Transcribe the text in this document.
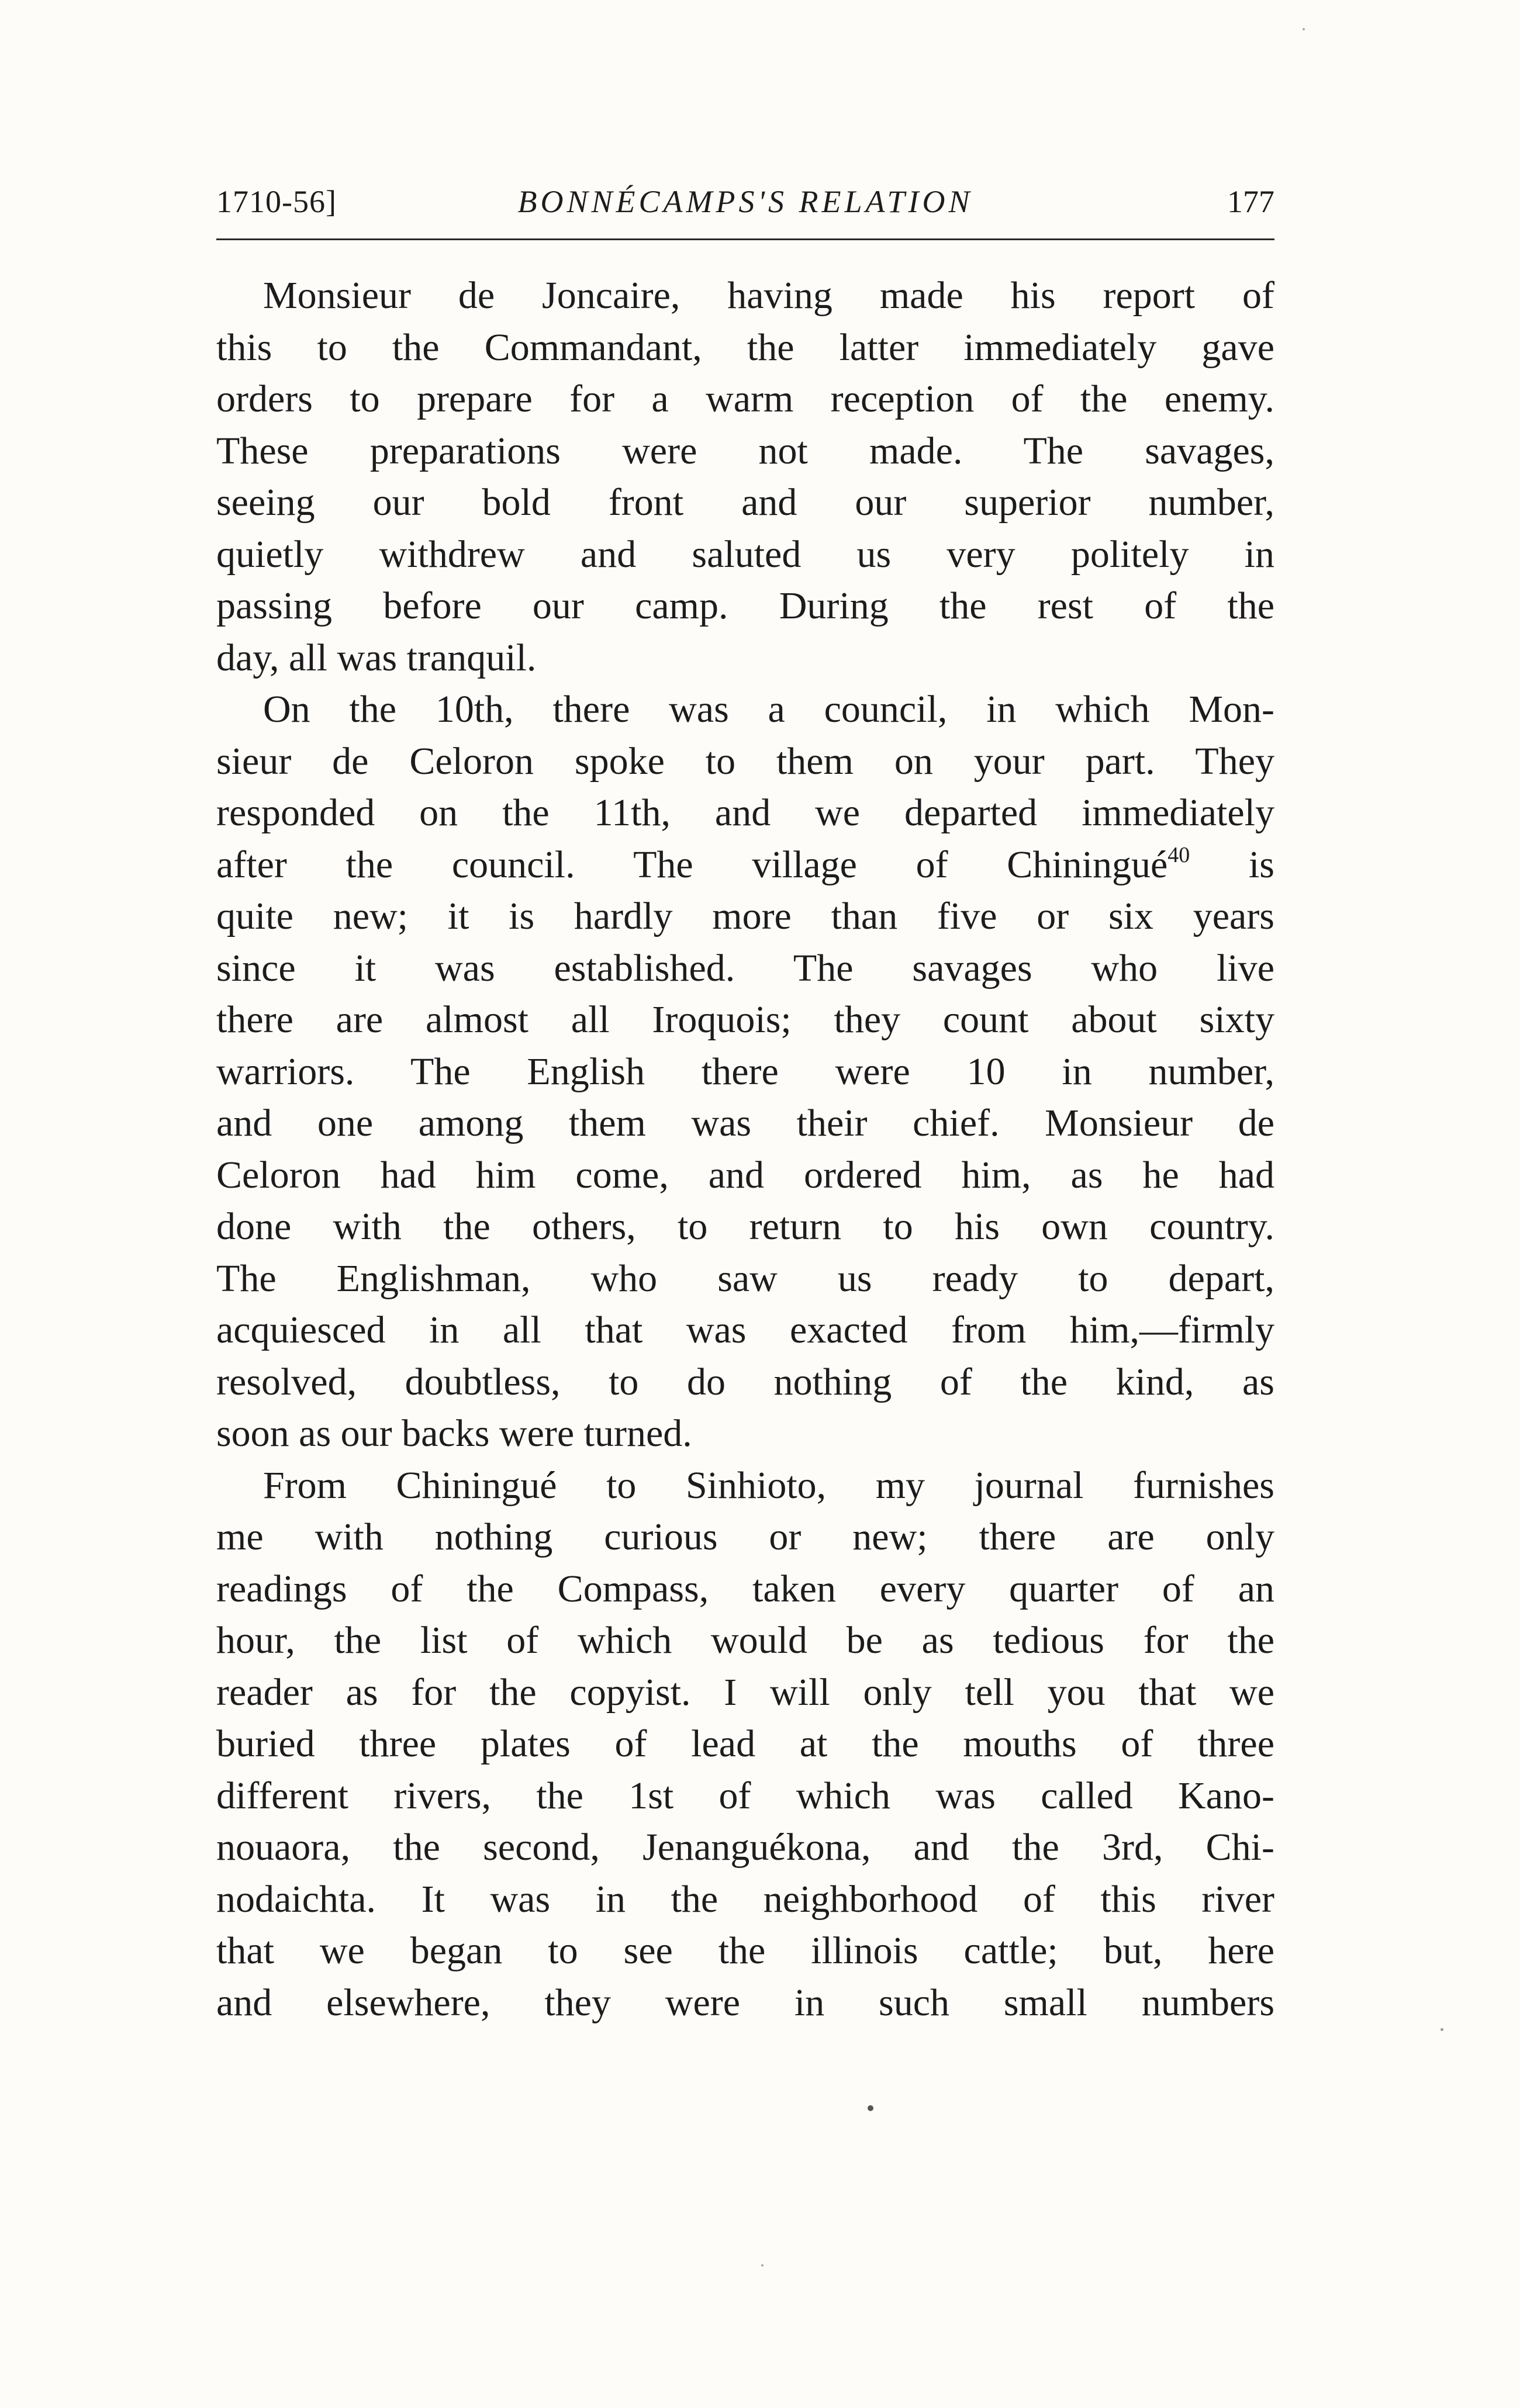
1710-56]	BONNÉCAMPS'S RELATION	177
Monsieur de Joncaire, having made his report of
this to the Commandant, the latter immediately gave
orders to prepare for a warm reception of the enemy.
These preparations were not made. The savages,
seeing our bold front and our superior number,
quietly withdrew and saluted us very politely in
passing before our camp. During the rest of the
day, all was tranquil.
On the 10th, there was a council, in which Mon-
sieur de Celoron spoke to them on your part. They
responded on the 11th, and we departed immediately
after the council. The village of Chiningué$^{40}$ is
quite new; it is hardly more than five or six years
since it was established. The savages who live
there are almost all Iroquois; they count about sixty
warriors. The English there were 10 in number,
and one among them was their chief. Monsieur de
Celoron had him come, and ordered him, as he had
done with the others, to return to his own country.
The Englishman, who saw us ready to depart,
acquiesced in all that was exacted from him,—firmly
resolved, doubtless, to do nothing of the kind, as
soon as our backs were turned.
From Chiningué to Sinhioto, my journal furnishes
me with nothing curious or new; there are only
readings of the Compass, taken every quarter of an
hour, the list of which would be as tedious for the
reader as for the copyist. I will only tell you that we
buried three plates of lead at the mouths of three
different rivers, the 1st of which was called Kano-
nouaora, the second, Jenanguékona, and the 3rd, Chi-
nodaichta. It was in the neighborhood of this river
that we began to see the illinois cattle; but, here
and elsewhere, they were in such small numbers
